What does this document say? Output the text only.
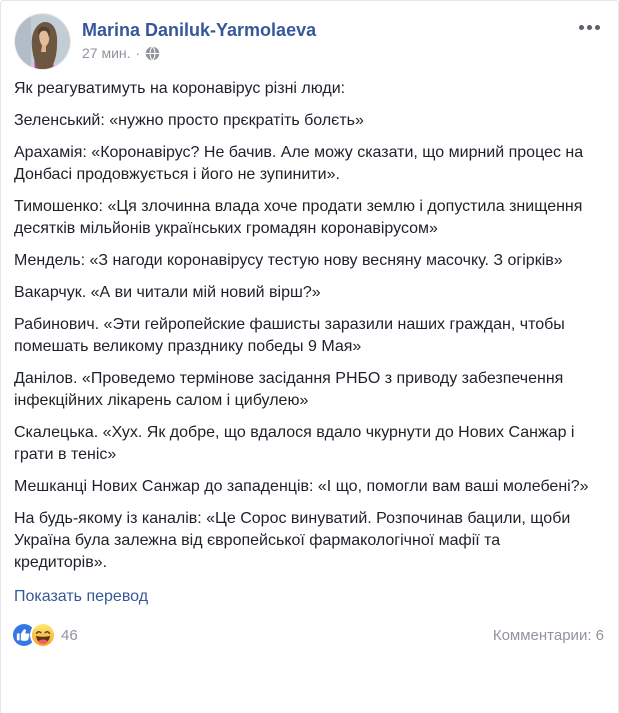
Marina Daniluk-Yarmolaeva
27 мин. ·

Як реагуватимуть на коронавірус різні люди:

Зеленський: «нужно просто прєкратіть болєть»

Арахамія: «Коронавірус? Не бачив. Але можу сказати, що мирний процес на Донбасі продовжується і його не зупинити».

Тимошенко: «Ця злочинна влада хоче продати землю і допустила знищення десятків мільйонів українських громадян коронавірусом»

Мендель: «З нагоди коронавірусу тестую нову весняну масочку. З огірків»

Вакарчук. «А ви читали мій новий вірш?»

Рабинович. «Эти гейропейские фашисты заразили наших граждан, чтобы помешать великому празднику победы 9 Мая»

Данілов. «Проведемо термінове засідання РНБО з приводу забезпечення інфекційних лікарень салом і цибулею»

Скалецька. «Хух. Як добре, що вдалося вдало чкурнути до Нових Санжар і грати в теніс»

Мешканці Нових Санжар до западенців: «І що, помогли вам ваші молебені?»

На будь-якому із каналів: «Це Сорос винуватий. Розпочинав бацили, щоби Україна була залежна від європейської фармакологічної мафії та кредиторів».

Показать перевод
46	Комментарии: 6
